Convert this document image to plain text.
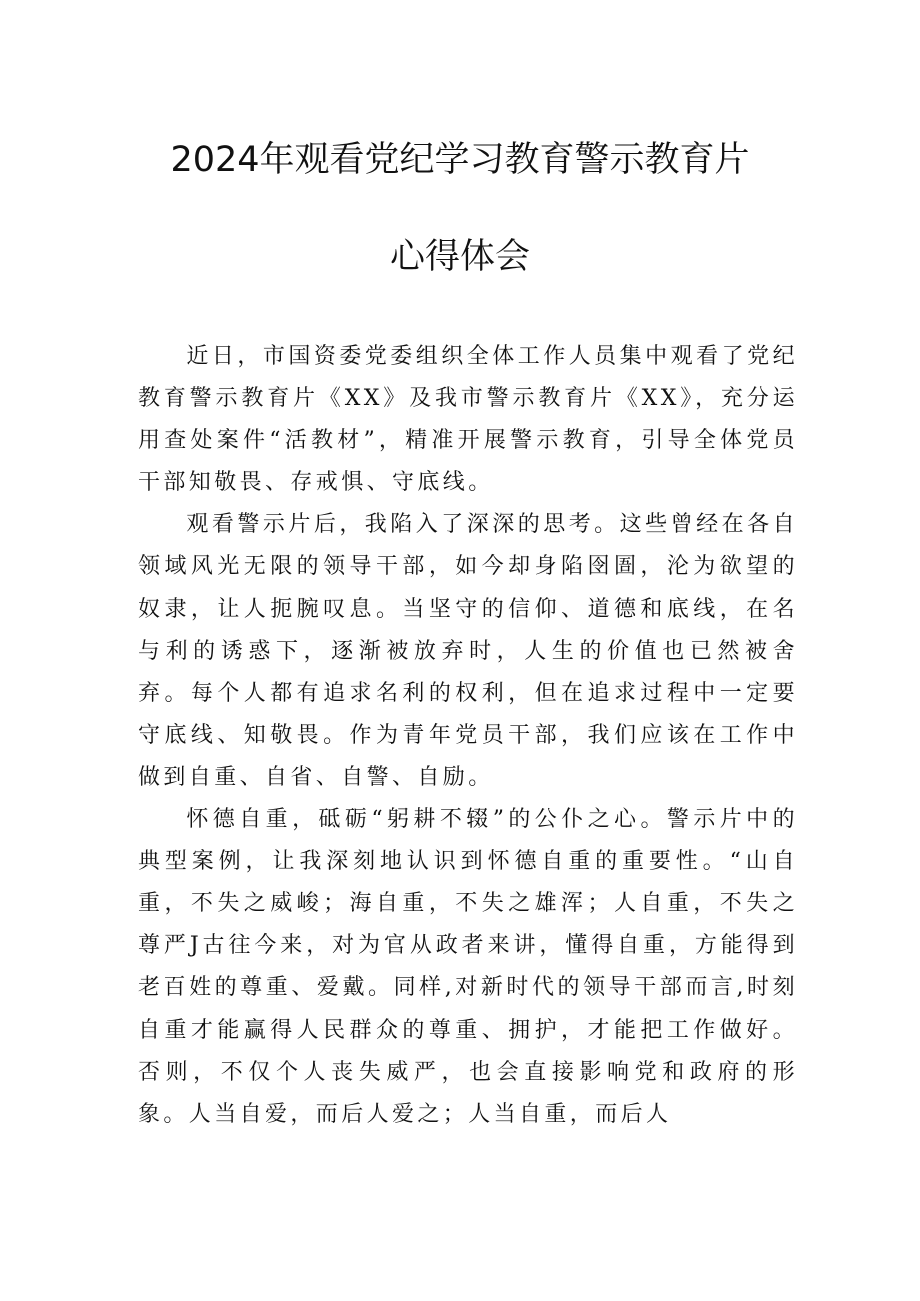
2024年观看党纪学习教育警示教育片
心得体会

近日，市国资委党委组织全体工作人员集中观看了党纪教育警示教育片《XX》及我市警示教育片《XX》，充分运用查处案件“活教材”，精准开展警示教育，引导全体党员干部知敬畏、存戒惧、守底线。

观看警示片后，我陷入了深深的思考。这些曾经在各自领域风光无限的领导干部，如今却身陷囹圄，沦为欲望的奴隶，让人扼腕叹息。当坚守的信仰、道德和底线，在名与利的诱惑下，逐渐被放弃时，人生的价值也已然被舍弃。每个人都有追求名利的权利，但在追求过程中一定要守底线、知敬畏。作为青年党员干部，我们应该在工作中做到自重、自省、自警、自励。

怀德自重，砥砺“躬耕不辍”的公仆之心。警示片中的典型案例，让我深刻地认识到怀德自重的重要性。“山自重，不失之威峻；海自重，不失之雄浑；人自重，不失之尊严J古往今来，对为官从政者来讲，懂得自重，方能得到老百姓的尊重、爱戴。同样,对新时代的领导干部而言,时刻自重才能赢得人民群众的尊重、拥护，才能把工作做好。否则，不仅个人丧失威严，也会直接影响党和政府的形象。人当自爱，而后人爱之；人当自重，而后人
